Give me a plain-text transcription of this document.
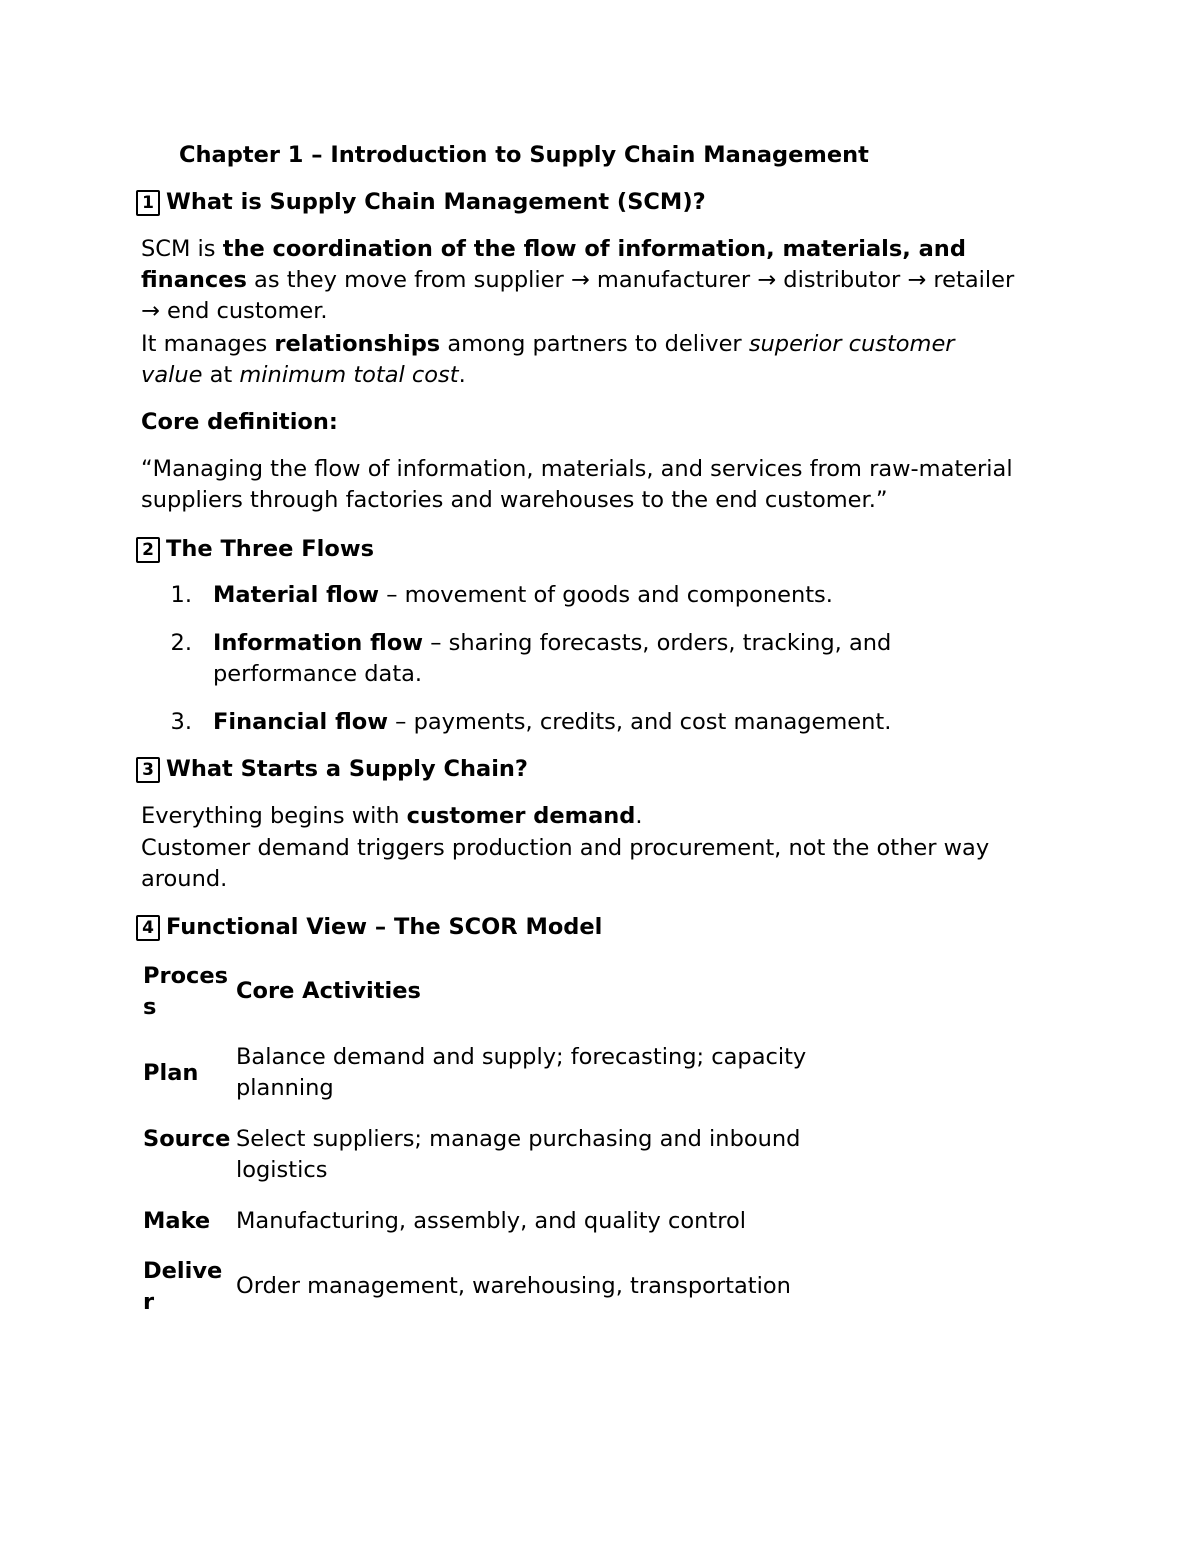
Chapter 1 – Introduction to Supply Chain Management
1 What is Supply Chain Management (SCM)?
SCM is the coordination of the flow of information, materials, and
finances as they move from supplier → manufacturer → distributor → retailer
→ end customer.
It manages relationships among partners to deliver superior customer
value at minimum total cost.
Core definition:
“Managing the flow of information, materials, and services from raw-material
suppliers through factories and warehouses to the end customer.”
2 The Three Flows
1. Material flow – movement of goods and components.
2. Information flow – sharing forecasts, orders, tracking, and
performance data.
3. Financial flow – payments, credits, and cost management.
3 What Starts a Supply Chain?
Everything begins with customer demand.
Customer demand triggers production and procurement, not the other way
around.
4 Functional View – The SCOR Model
Process
Core Activities
Plan
Balance demand and supply; forecasting; capacity planning
Source Select suppliers; manage purchasing and inbound logistics
Make	Manufacturing, assembly, and quality control
Deliver
Order management, warehousing, transportation
